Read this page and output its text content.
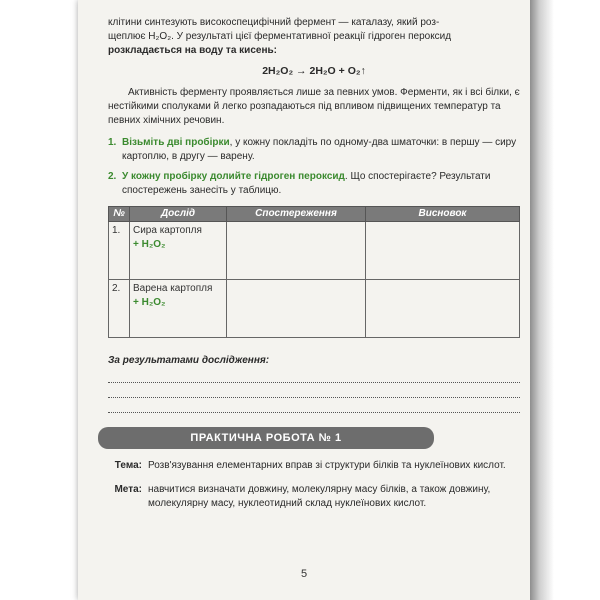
клітини синтезують високоспецифічний фермент — каталазу, який роз-

щеплює H₂O₂. У результаті цієї ферментативної реакції гідроген пероксид

розкладається на воду та кисень:

2H₂O₂ → 2H₂O + O₂↑

Активність ферменту проявляється лише за певних умов. Ферменти, як і всі білки, є нестійкими сполуками й легко розпадаються під впливом підвищених температур та певних хімічних речовин.

1. Візьміть дві пробірки, у кожну покладіть по одному-два шматочки: в першу — сиру картоплю, в другу — варену.
2. У кожну пробірку долийте гідроген пероксид. Що спостерігаєте? Результати спостережень занесіть у таблицю.
№	Дослід	Спостереження	Висновок
1.	Сира картопля
+ H₂O₂		

2.	Варена картопля
+ H₂O₂		

За результатами дослідження:
ПРАКТИЧНА РОБОТА № 1
Тема: Розв'язування елементарних вправ зі структури білків та нуклеїнових кислот.
Мета: навчитися визначати довжину, молекулярну масу білків, а також довжину, молекулярну масу, нуклеотидний склад нуклеїнових кислот.
5
